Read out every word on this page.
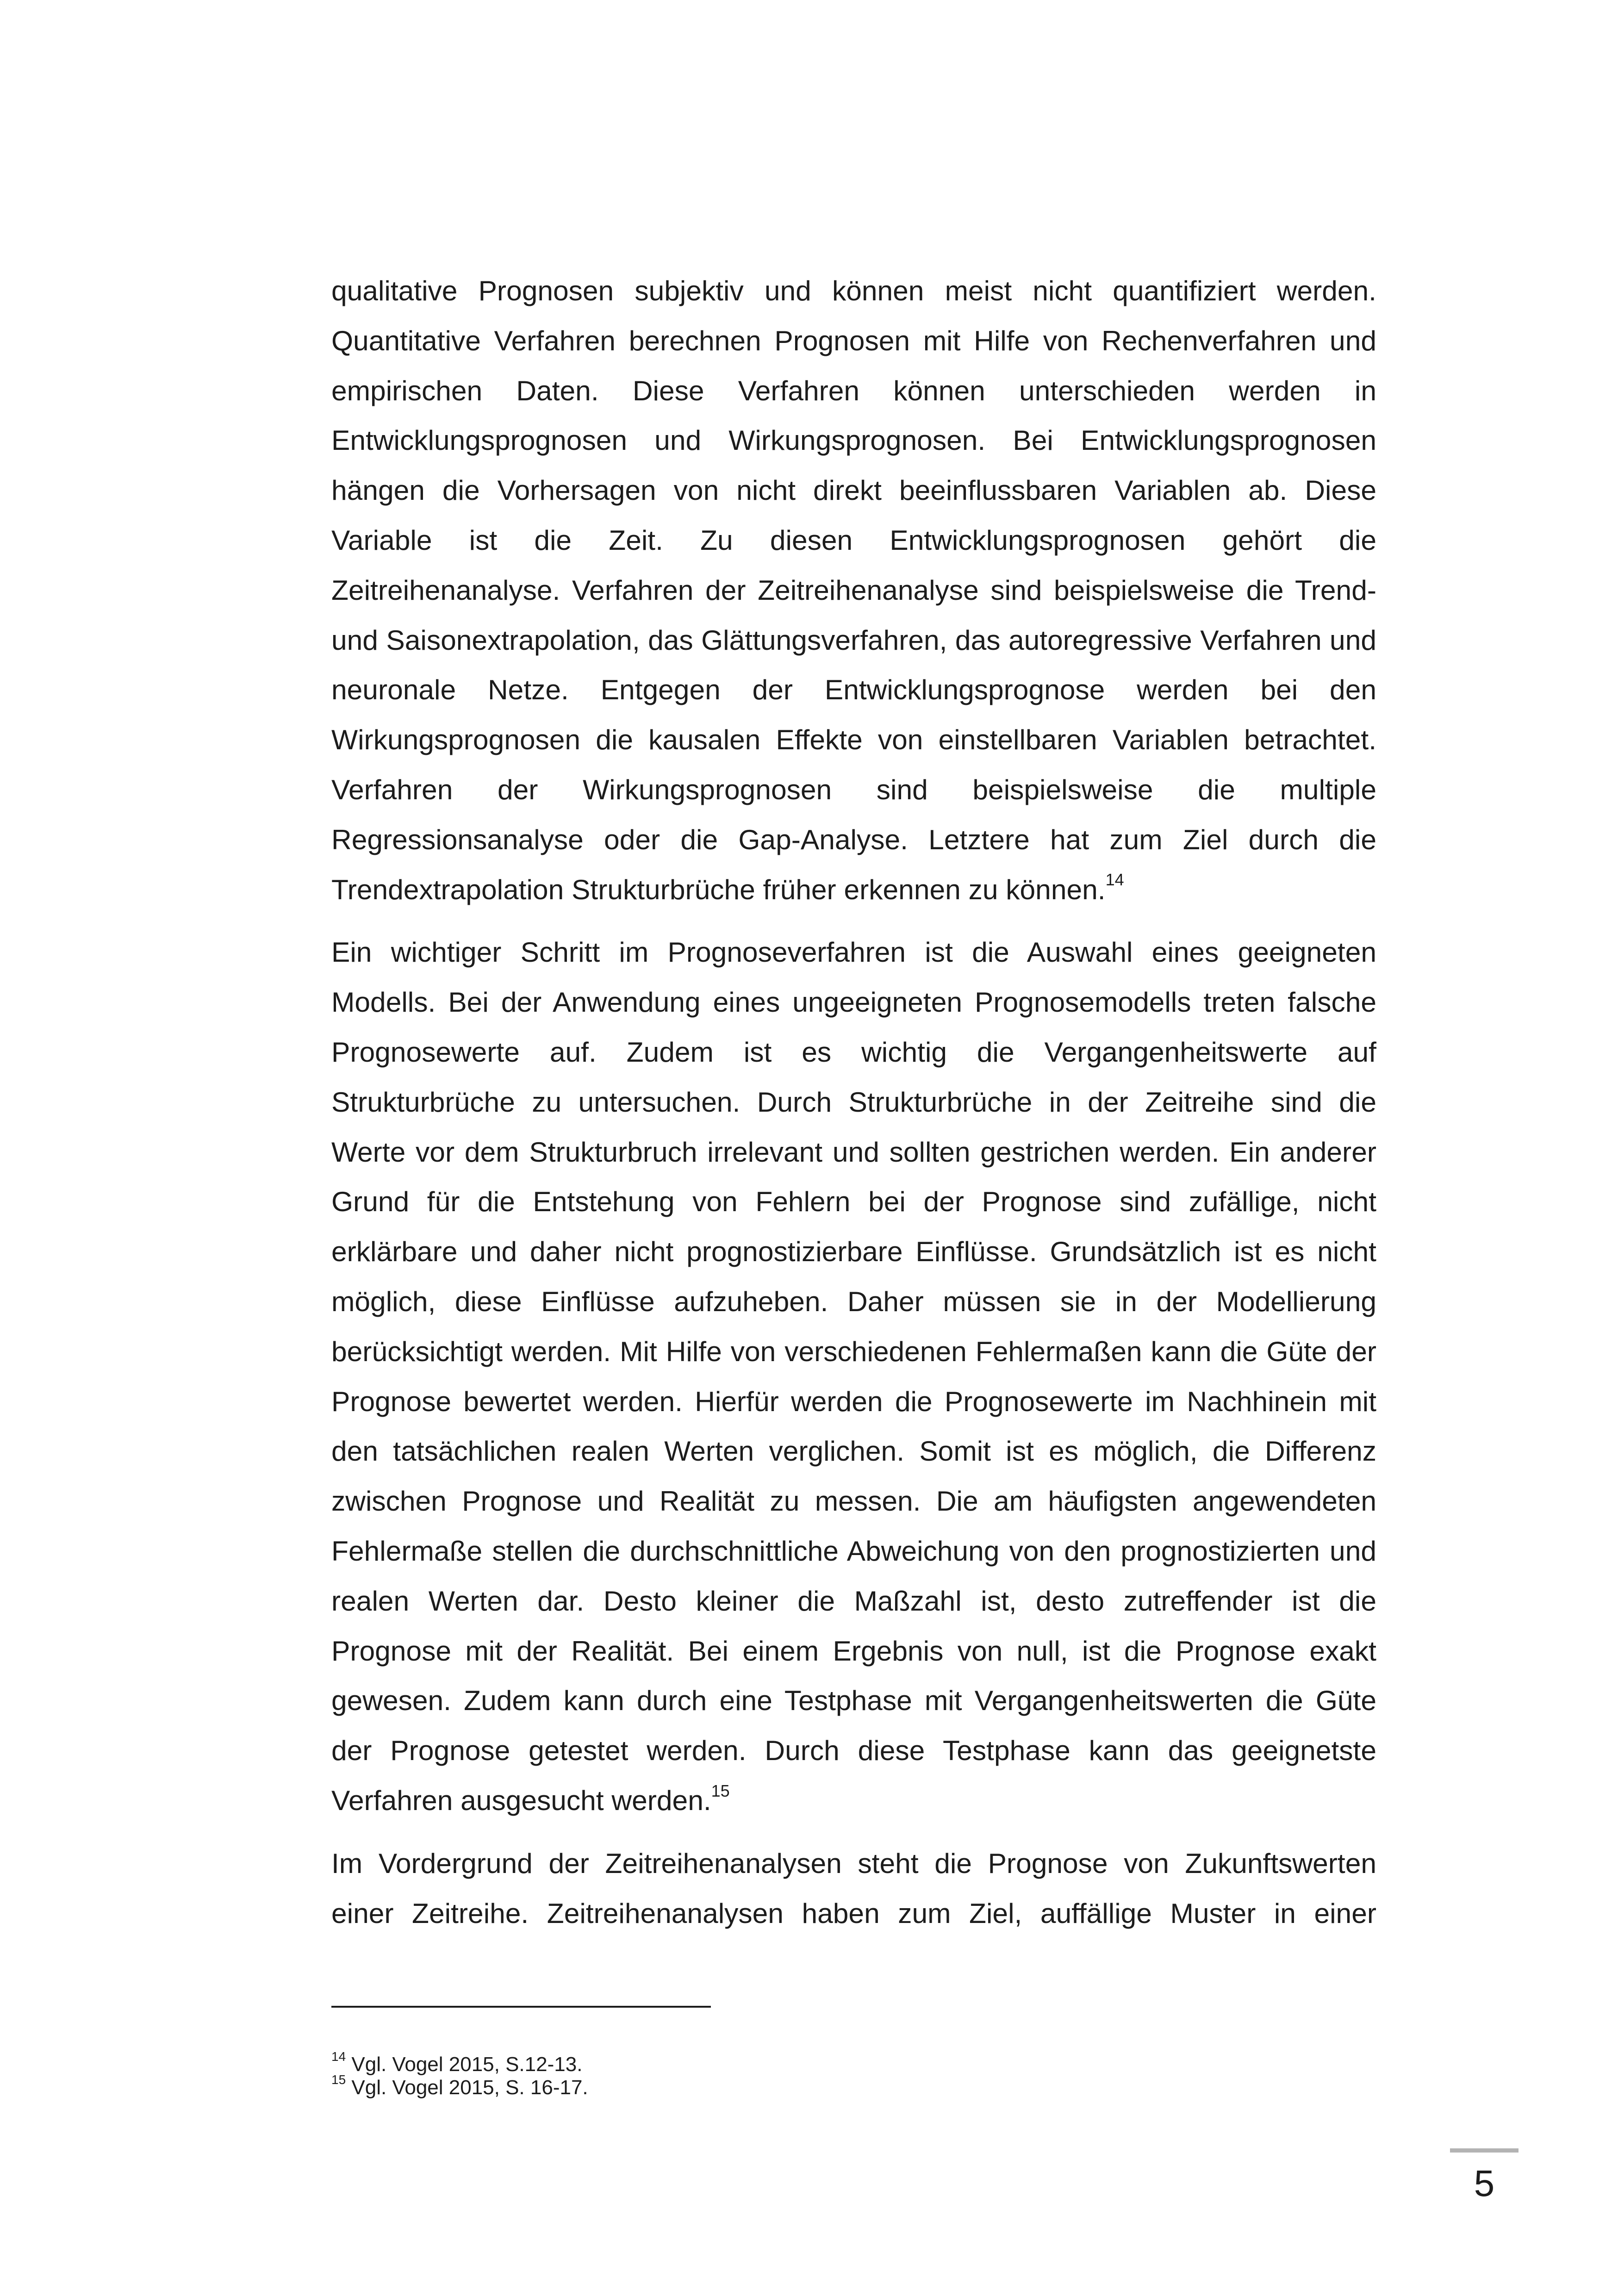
qualitative Prognosen subjektiv und können meist nicht quantifiziert werden. Quantitative Verfahren berechnen Prognosen mit Hilfe von Rechenverfahren und empirischen Daten. Diese Verfahren können unterschieden werden in Entwicklungsprognosen und Wirkungsprognosen. Bei Entwicklungsprognosen hängen die Vorhersagen von nicht direkt beeinflussbaren Variablen ab. Diese Variable ist die Zeit. Zu diesen Entwicklungsprognosen gehört die Zeitreihenanalyse. Verfahren der Zeitreihenanalyse sind beispielsweise die Trend- und Saisonextrapolation, das Glättungsverfahren, das autoregressive Verfahren und neuronale Netze. Entgegen der Entwicklungsprognose werden bei den Wirkungsprognosen die kausalen Effekte von einstellbaren Variablen betrachtet. Verfahren der Wirkungsprognosen sind beispielsweise die multiple Regressionsanalyse oder die Gap-Analyse. Letztere hat zum Ziel durch die Trendextrapolation Strukturbrüche früher erkennen zu können.$^{14}$

Ein wichtiger Schritt im Prognoseverfahren ist die Auswahl eines geeigneten Modells. Bei der Anwendung eines ungeeigneten Prognosemodells treten falsche Prognosewerte auf. Zudem ist es wichtig die Vergangenheitswerte auf Strukturbrüche zu untersuchen. Durch Strukturbrüche in der Zeitreihe sind die Werte vor dem Strukturbruch irrelevant und sollten gestrichen werden. Ein anderer Grund für die Entstehung von Fehlern bei der Prognose sind zufällige, nicht erklärbare und daher nicht prognostizierbare Einflüsse. Grundsätzlich ist es nicht möglich, diese Einflüsse aufzuheben. Daher müssen sie in der Modellierung berücksichtigt werden. Mit Hilfe von verschiedenen Fehlermaßen kann die Güte der Prognose bewertet werden. Hierfür werden die Prognosewerte im Nachhinein mit den tatsächlichen realen Werten verglichen. Somit ist es möglich, die Differenz zwischen Prognose und Realität zu messen. Die am häufigsten angewendeten Fehlermaße stellen die durchschnittliche Abweichung von den prognostizierten und realen Werten dar. Desto kleiner die Maßzahl ist, desto zutreffender ist die Prognose mit der Realität. Bei einem Ergebnis von null, ist die Prognose exakt gewesen. Zudem kann durch eine Testphase mit Vergangenheitswerten die Güte der Prognose getestet werden. Durch diese Testphase kann das geeignetste Verfahren ausgesucht werden.$^{15}$

Im Vordergrund der Zeitreihenanalysen steht die Prognose von Zukunftswerten einer Zeitreihe. Zeitreihenanalysen haben zum Ziel, auffällige Muster in einer

$^{14}$ Vgl. Vogel 2015, S.12-13.

$^{15}$ Vgl. Vogel 2015, S. 16-17.

5
